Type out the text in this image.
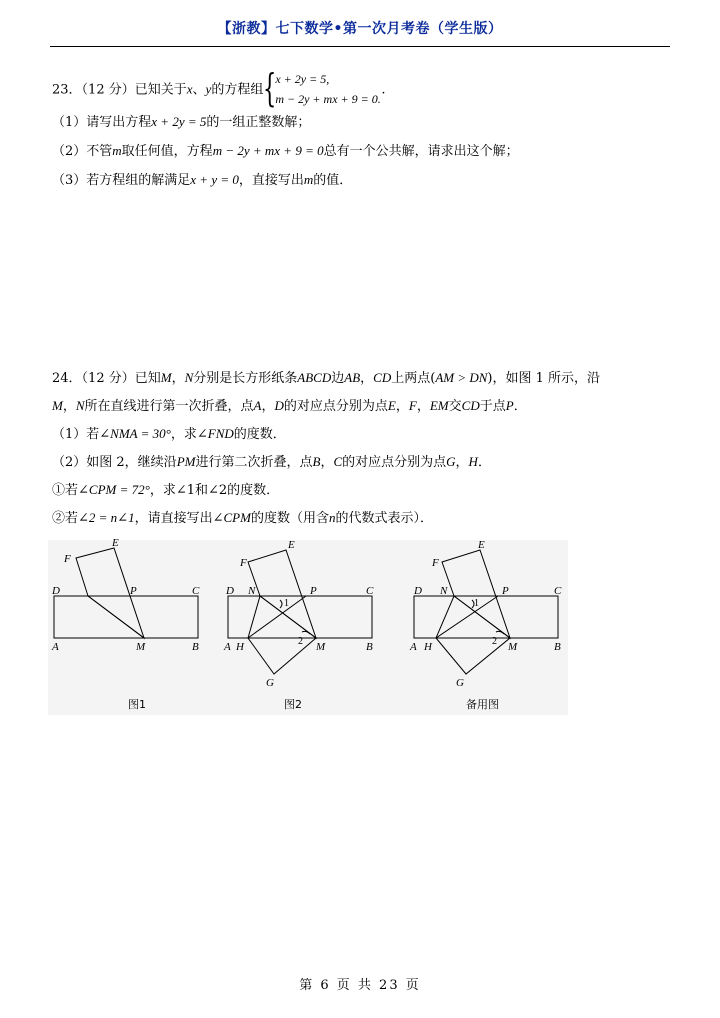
【浙教】七下数学•第一次月考卷（学生版）
23．（12 分）已知关于x、y的方程组 {
x + 2y = 5,
m − 2y + mx + 9 = 0.
.
（1）请写出方程x + 2y = 5的一组正整数解；
（2）不管m取任何值，方程m − 2y + mx + 9 = 0总有一个公共解，请求出这个解；
（3）若方程组的解满足x + y = 0，直接写出m的值．
24．（12 分）已知M，N分别是长方形纸条ABCD边AB，CD上两点(AM > DN)，如图 1 所示，沿
M，N所在直线进行第一次折叠，点A，D的对应点分别为点E，F，EM交CD于点P．
（1）若∠NMA = 30°，求∠FND的度数．
（2）如图 2，继续沿PM进行第二次折叠，点B，C的对应点分别为点G，H．
①若∠CPM = 72°，求∠1和∠2的度数．
②若∠2 = n∠1，请直接写出∠CPM的度数（用含n的代数式表示）．
F
E
D	P	C
A	M	B
图1
F
E
D N	P	C
1
2
A H	M	B
G
图2
F
E
D N	P	C
1
2
A H	M	B
G
备用图
第 6 页 共 23 页
